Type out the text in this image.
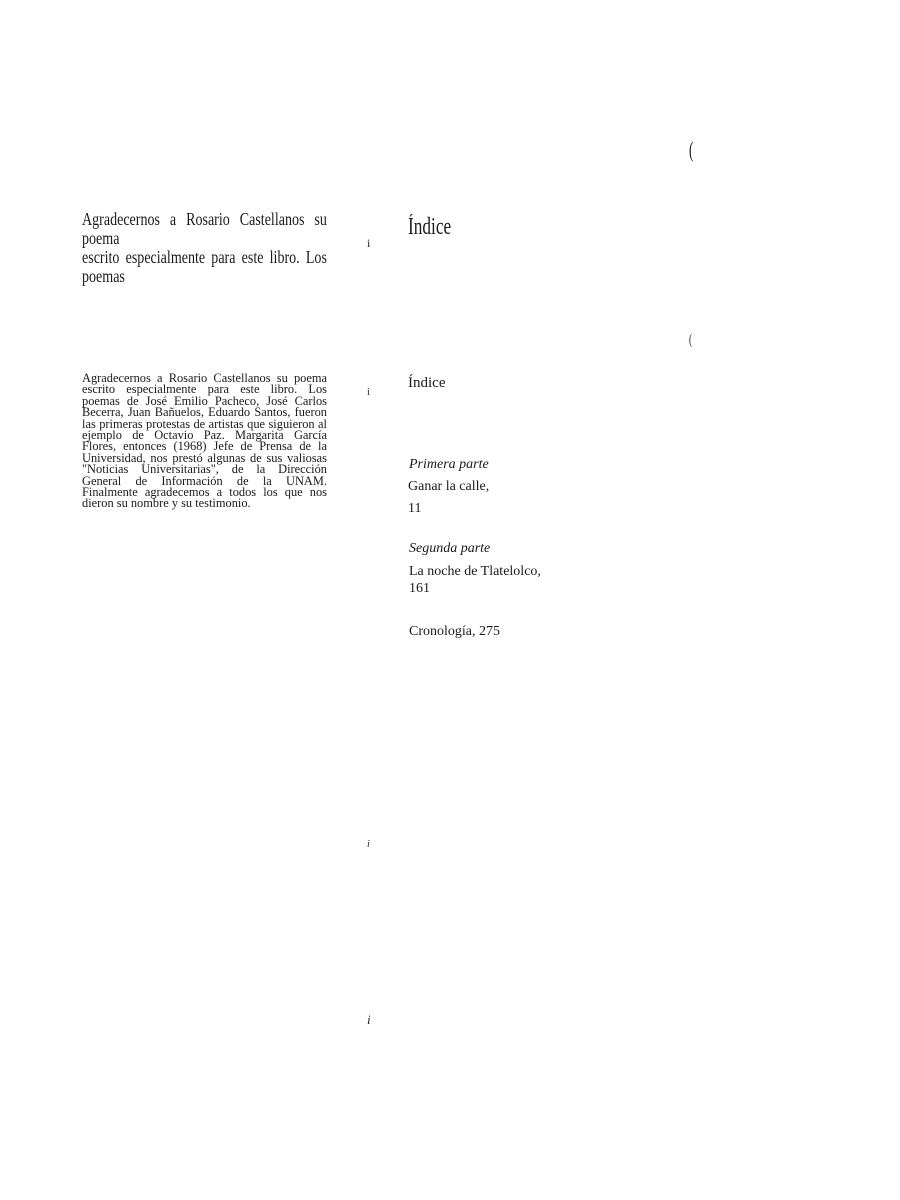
Agradecernos a Rosario Castellanos su poema
escrito especialmente para este libro. Los poemas
Índice
(
(
i
i
i
i

Agradecernos a Rosario Castellanos su poema escrito especialmente para este libro. Los poemas de José Emilio Pacheco, José Carlos Becerra, Juan Bañuelos, Eduardo Santos, fueron las primeras protestas de artistas que siguieron al ejemplo de Octavio Paz. Margarita García Flores, entonces (1968) Jefe de Prensa de la Universidad, nos prestó algunas de sus valiosas "Noticias Universitarias", de la Dirección General de Información de la UNAM. Finalmente agradecemos a todos los que nos dieron su nombre y su testimonio.

Índice
Primera parte
Ganar la calle,
11
Segunda parte
La noche de Tlatelolco,
161
Cronología, 275
